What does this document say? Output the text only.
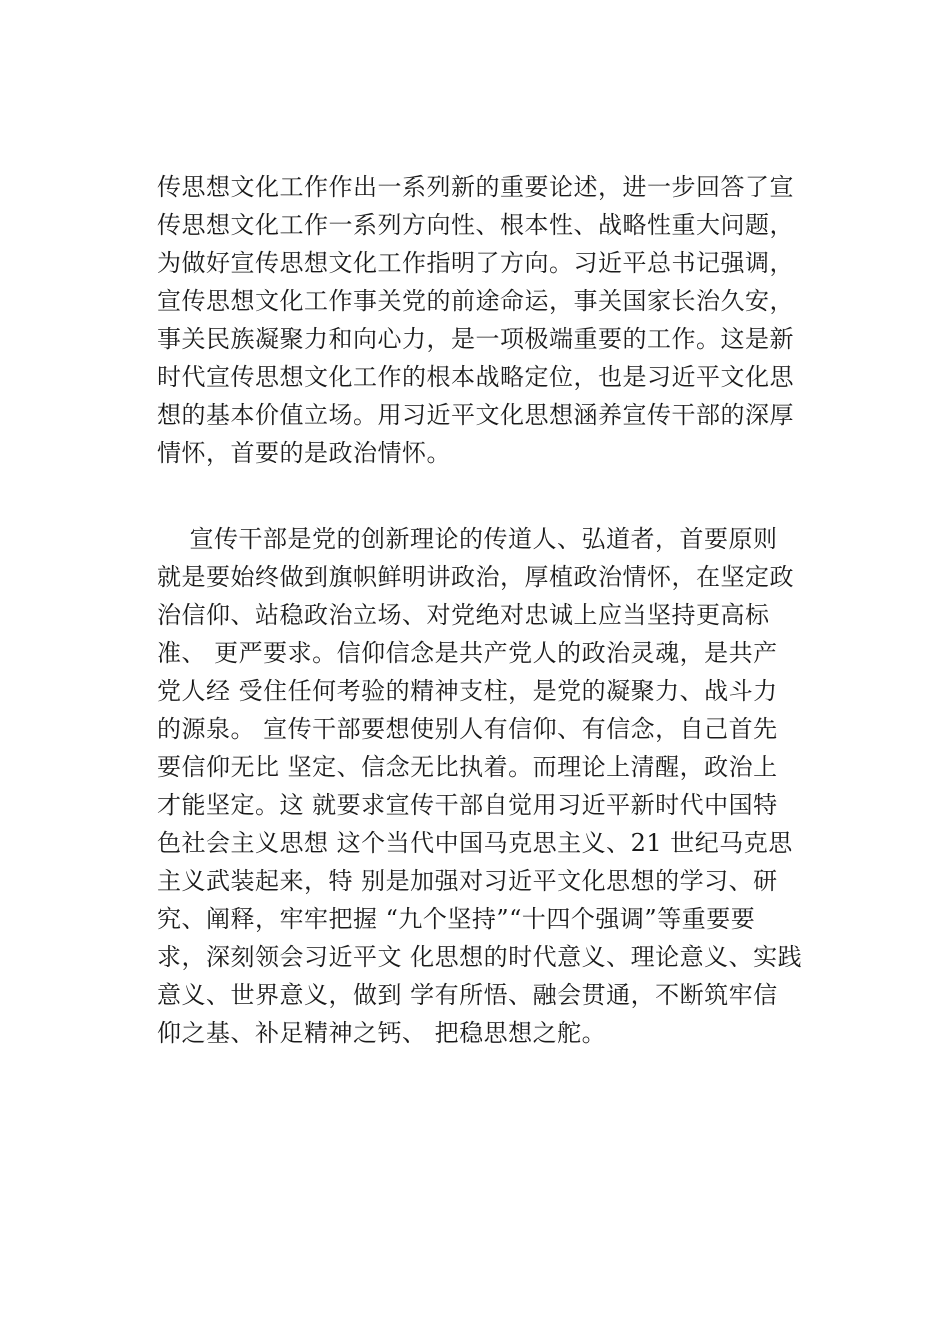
传思想文化工作作出一系列新的重要论述，进一步回答了宣
传思想文化工作一系列方向性、根本性、战略性重大问题，
为做好宣传思想文化工作指明了方向。习近平总书记强调，
宣传思想文化工作事关党的前途命运，事关国家长治久安，
事关民族凝聚力和向心力，是一项极端重要的工作。这是新
时代宣传思想文化工作的根本战略定位，也是习近平文化思
想的基本价值立场。用习近平文化思想涵养宣传干部的深厚
情怀，首要的是政治情怀。
宣传干部是党的创新理论的传道人、弘道者，首要原则
就是要始终做到旗帜鲜明讲政治，厚植政治情怀，在坚定政
治信仰、站稳政治立场、对党绝对忠诚上应当坚持更高标
准、 更严要求。信仰信念是共产党人的政治灵魂，是共产
党人经 受住任何考验的精神支柱，是党的凝聚力、战斗力
的源泉。 宣传干部要想使别人有信仰、有信念，自己首先
要信仰无比 坚定、信念无比执着。而理论上清醒，政治上
才能坚定。这 就要求宣传干部自觉用习近平新时代中国特
色社会主义思想 这个当代中国马克思主义、21 世纪马克思
主义武装起来，特 别是加强对习近平文化思想的学习、研
究、阐释，牢牢把握 “九个坚持”“十四个强调”等重要要
求，深刻领会习近平文 化思想的时代意义、理论意义、实践
意义、世界意义，做到 学有所悟、融会贯通，不断筑牢信
仰之基、补足精神之钙、 把稳思想之舵。
